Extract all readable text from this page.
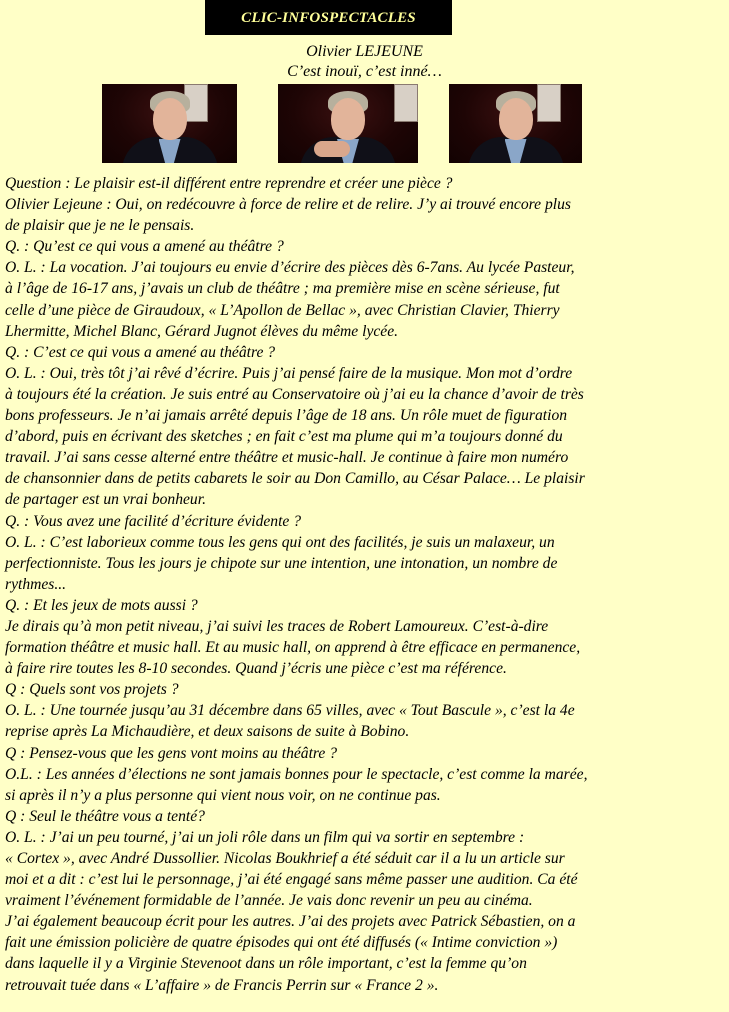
CLIC-INFOSPECTACLES
Olivier LEJEUNE
C’est inouï, c’est inné…

Question : Le plaisir est-il différent entre reprendre et créer une pièce ?

Olivier Lejeune : Oui, on redécouvre à force de relire et de relire. J’y ai trouvé encore plus

de plaisir que je ne le pensais.

Q. : Qu’est ce qui vous a amené au théâtre ?

O. L. : La vocation. J’ai toujours eu envie d’écrire des pièces dès 6-7ans. Au lycée Pasteur,

à l’âge de 16-17 ans, j’avais un club de théâtre ; ma première mise en scène sérieuse, fut

celle d’une pièce de Giraudoux, « L’Apollon de Bellac », avec Christian Clavier, Thierry

Lhermitte, Michel Blanc, Gérard Jugnot élèves du même lycée.

Q. : C’est ce qui vous a amené au théâtre ?

O. L. : Oui, très tôt j’ai rêvé d’écrire. Puis j’ai pensé faire de la musique. Mon mot d’ordre

à toujours été la création. Je suis entré au Conservatoire où j’ai eu la chance d’avoir de très

bons professeurs. Je n’ai jamais arrêté depuis l’âge de 18 ans. Un rôle muet de figuration

d’abord, puis en écrivant des sketches ; en fait c’est ma plume qui m’a toujours donné du

travail. J’ai sans cesse alterné entre théâtre et music-hall. Je continue à faire mon numéro

de chansonnier dans de petits cabarets le soir au Don Camillo, au César Palace… Le plaisir

de partager est un vrai bonheur.

Q. : Vous avez une facilité d’écriture évidente ?

O. L. : C’est laborieux comme tous les gens qui ont des facilités, je suis un malaxeur, un

perfectionniste. Tous les jours je chipote sur une intention, une intonation, un nombre de

rythmes...

Q. : Et les jeux de mots aussi ?

Je dirais qu’à mon petit niveau, j’ai suivi les traces de Robert Lamoureux. C’est-à-dire

formation théâtre et music hall. Et au music hall, on apprend à être efficace en permanence,

à faire rire toutes les 8-10 secondes. Quand j’écris une pièce c’est ma référence.

Q : Quels sont vos projets ?

O. L. : Une tournée jusqu’au 31 décembre dans 65 villes, avec « Tout Bascule », c’est la 4e

reprise après La Michaudière, et deux saisons de suite à Bobino.

Q : Pensez-vous que les gens vont moins au théâtre ?

O.L. : Les années d’élections ne sont jamais bonnes pour le spectacle, c’est comme la marée,

si après il n’y a plus personne qui vient nous voir, on ne continue pas.

Q : Seul le théâtre vous a tenté?

O. L. : J’ai un peu tourné, j’ai un joli rôle dans un film qui va sortir en septembre :

« Cortex », avec André Dussollier. Nicolas Boukhrief a été séduit car il a lu un article sur

moi et a dit : c’est lui le personnage, j’ai été engagé sans même passer une audition. Ca été

vraiment l’événement formidable de l’année. Je vais donc revenir un peu au cinéma.

J’ai également beaucoup écrit pour les autres. J’ai des projets avec Patrick Sébastien, on a

fait une émission policière de quatre épisodes qui ont été diffusés (« Intime conviction »)

dans laquelle il y a Virginie Stevenoot dans un rôle important, c’est la femme qu’on

retrouvait tuée dans « L’affaire » de Francis Perrin sur « France 2 ».
